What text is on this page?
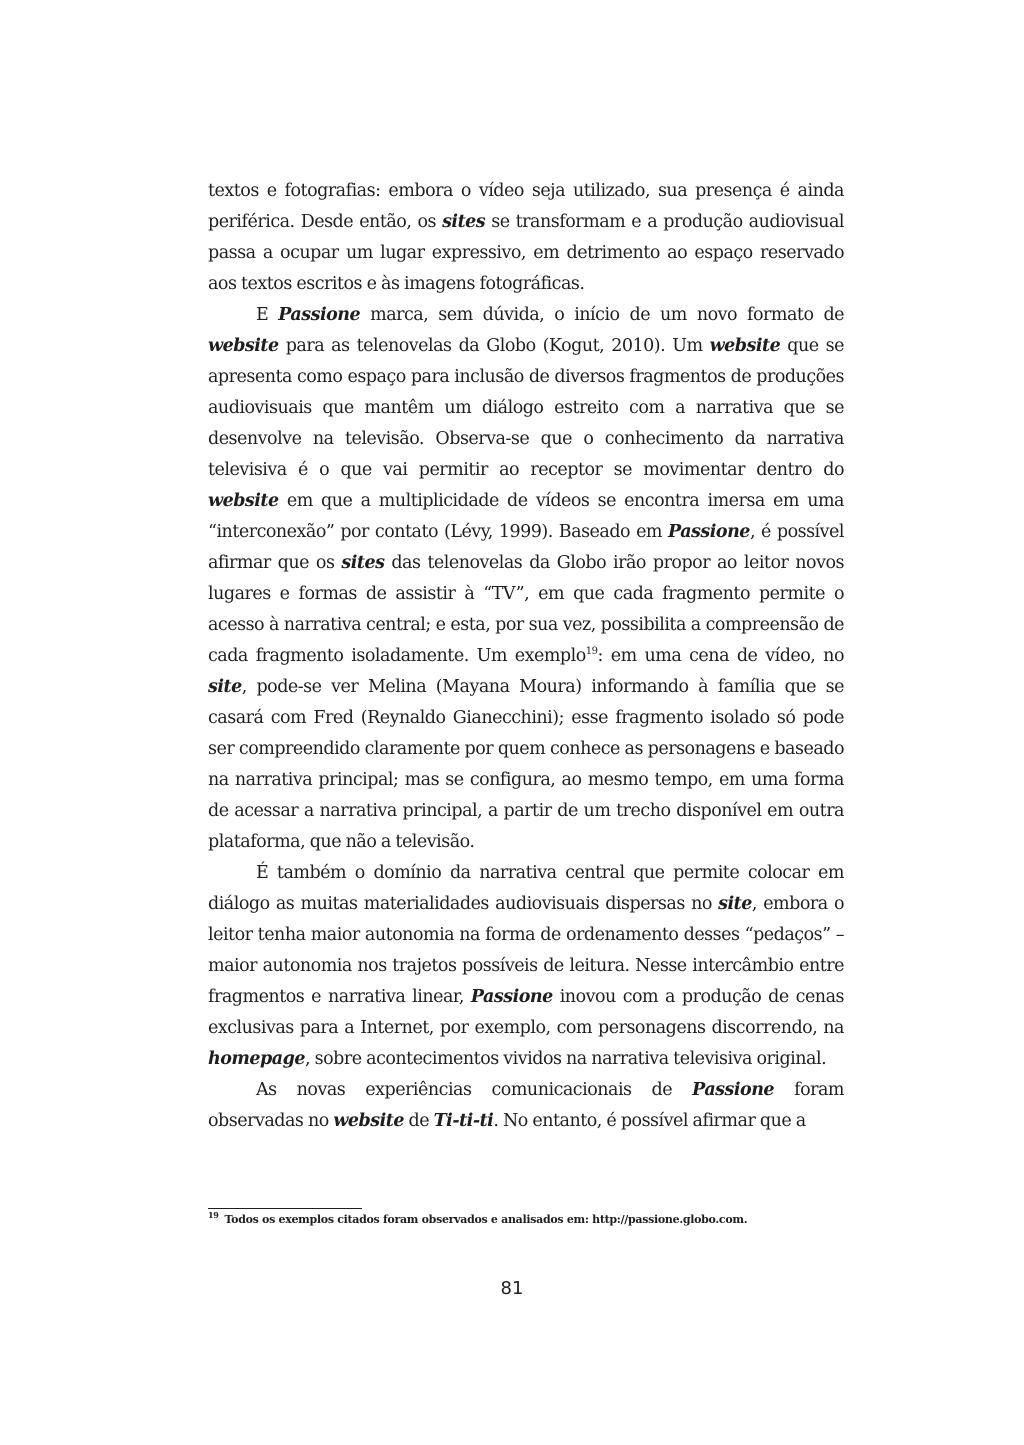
textos e fotografias: embora o vídeo seja utilizado, sua presença é ainda periférica. Desde então, os sites se transformam e a produção audiovisual passa a ocupar um lugar expressivo, em detrimento ao espaço reservado aos textos escritos e às imagens fotográficas.

E Passione marca, sem dúvida, o início de um novo formato de website para as telenovelas da Globo (Kogut, 2010). Um website que se apresenta como espaço para inclusão de diversos fragmentos de produções audiovisuais que mantêm um diálogo estreito com a narrativa que se desenvolve na televisão. Observa-se que o conhecimento da narrativa televisiva é o que vai permitir ao receptor se movimentar dentro do website em que a multiplicidade de vídeos se encontra imersa em uma “interconexão” por contato (Lévy, 1999). Baseado em Passione, é possível afirmar que os sites das telenovelas da Globo irão propor ao leitor novos lugares e formas de assistir à “TV”, em que cada fragmento permite o acesso à narrativa central; e esta, por sua vez, possibilita a compreensão de cada fragmento isoladamente. Um exemplo$^{19}$: em uma cena de vídeo, no site, pode-se ver Melina (Mayana Moura) informando à família que se casará com Fred (Reynaldo Gianecchini); esse fragmento isolado só pode ser compreendido claramente por quem conhece as personagens e baseado na narrativa principal; mas se configura, ao mesmo tempo, em uma forma de acessar a narrativa principal, a partir de um trecho disponível em outra plataforma, que não a televisão.

É também o domínio da narrativa central que permite colocar em diálogo as muitas materialidades audiovisuais dispersas no site, embora o leitor tenha maior autonomia na forma de ordenamento desses “pedaços” – maior autonomia nos trajetos possíveis de leitura. Nesse intercâmbio entre fragmentos e narrativa linear, Passione inovou com a produção de cenas exclusivas para a Internet, por exemplo, com personagens discorrendo, na homepage, sobre acontecimentos vividos na narrativa televisiva original.

As novas experiências comunicacionais de Passione foram observadas no website de Ti-ti-ti. No entanto, é possível afirmar que a

$^{19}$ Todos os exemplos citados foram observados e analisados em: http://passione.globo.com.
81
